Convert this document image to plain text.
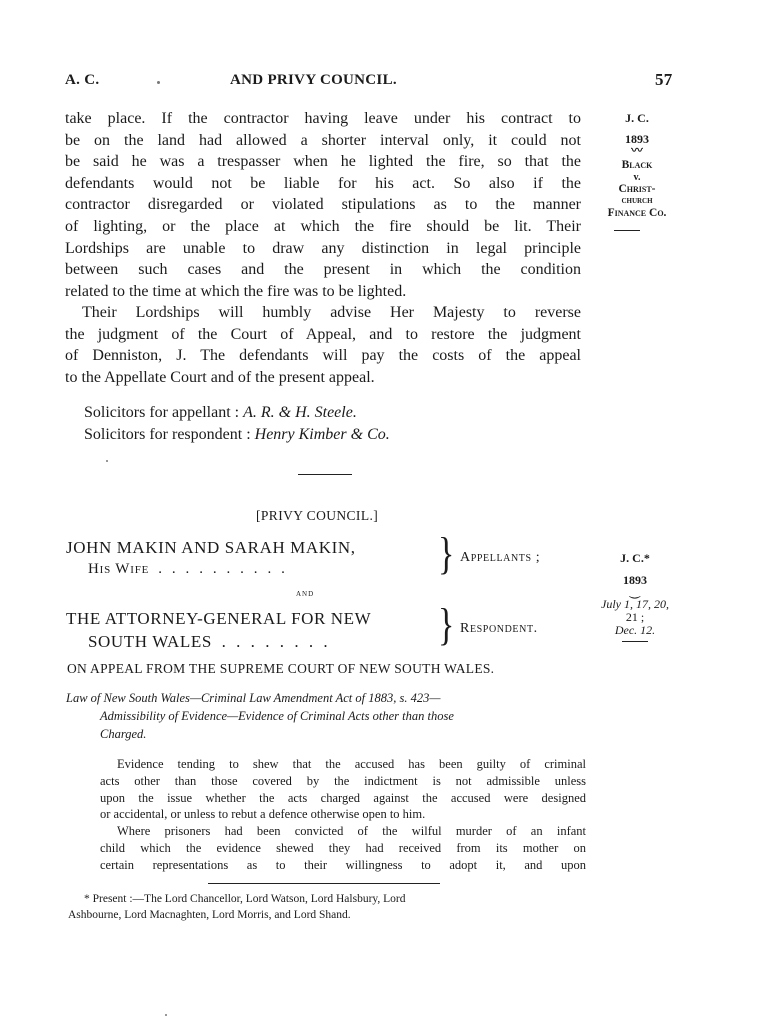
A. C.	AND PRIVY COUNCIL.	57
J. C.
1893
〰
Black
v.
Christ-
church
Finance Co.
take place. If the contractor having leave under his contract to
be on the land had allowed a shorter interval only, it could not
be said he was a trespasser when he lighted the fire, so that the
defendants would not be liable for his act. So also if the
contractor disregarded or violated stipulations as to the manner
of lighting, or the place at which the fire should be lit. Their
Lordships are unable to draw any distinction in legal principle
between such cases and the present in which the condition
related to the time at which the fire was to be lighted.
Their Lordships will humbly advise Her Majesty to reverse
the judgment of the Court of Appeal, and to restore the judgment
of Denniston, J. The defendants will pay the costs of the appeal
to the Appellate Court and of the present appeal.
Solicitors for appellant : A. R. & H. Steele.
Solicitors for respondent : Henry Kimber & Co.
[PRIVY COUNCIL.]
JOHN MAKIN AND SARAH MAKIN,
His Wife  .  .  .  .  .  .  .  .  .  .	} Appellants ;
and
THE ATTORNEY-GENERAL FOR NEW
SOUTH WALES  .  .  .  .  .  .  .  .	} Respondent.
J. C.*
1893
⏝
July 1, 17, 20,
21 ;
Dec. 12.
ON APPEAL FROM THE SUPREME COURT OF NEW SOUTH WALES.
Law of New South Wales—Criminal Law Amendment Act of 1883, s. 423—
Admissibility of Evidence—Evidence of Criminal Acts other than those
Charged.
Evidence tending to shew that the accused has been guilty of criminal
acts other than those covered by the indictment is not admissible unless
upon the issue whether the acts charged against the accused were designed
or accidental, or unless to rebut a defence otherwise open to him.
Where prisoners had been convicted of the wilful murder of an infant
child which the evidence shewed they had received from its mother on
certain representations as to their willingness to adopt it, and upon
* Present :—The Lord Chancellor, Lord Watson, Lord Halsbury, Lord
Ashbourne, Lord Macnaghten, Lord Morris, and Lord Shand.
